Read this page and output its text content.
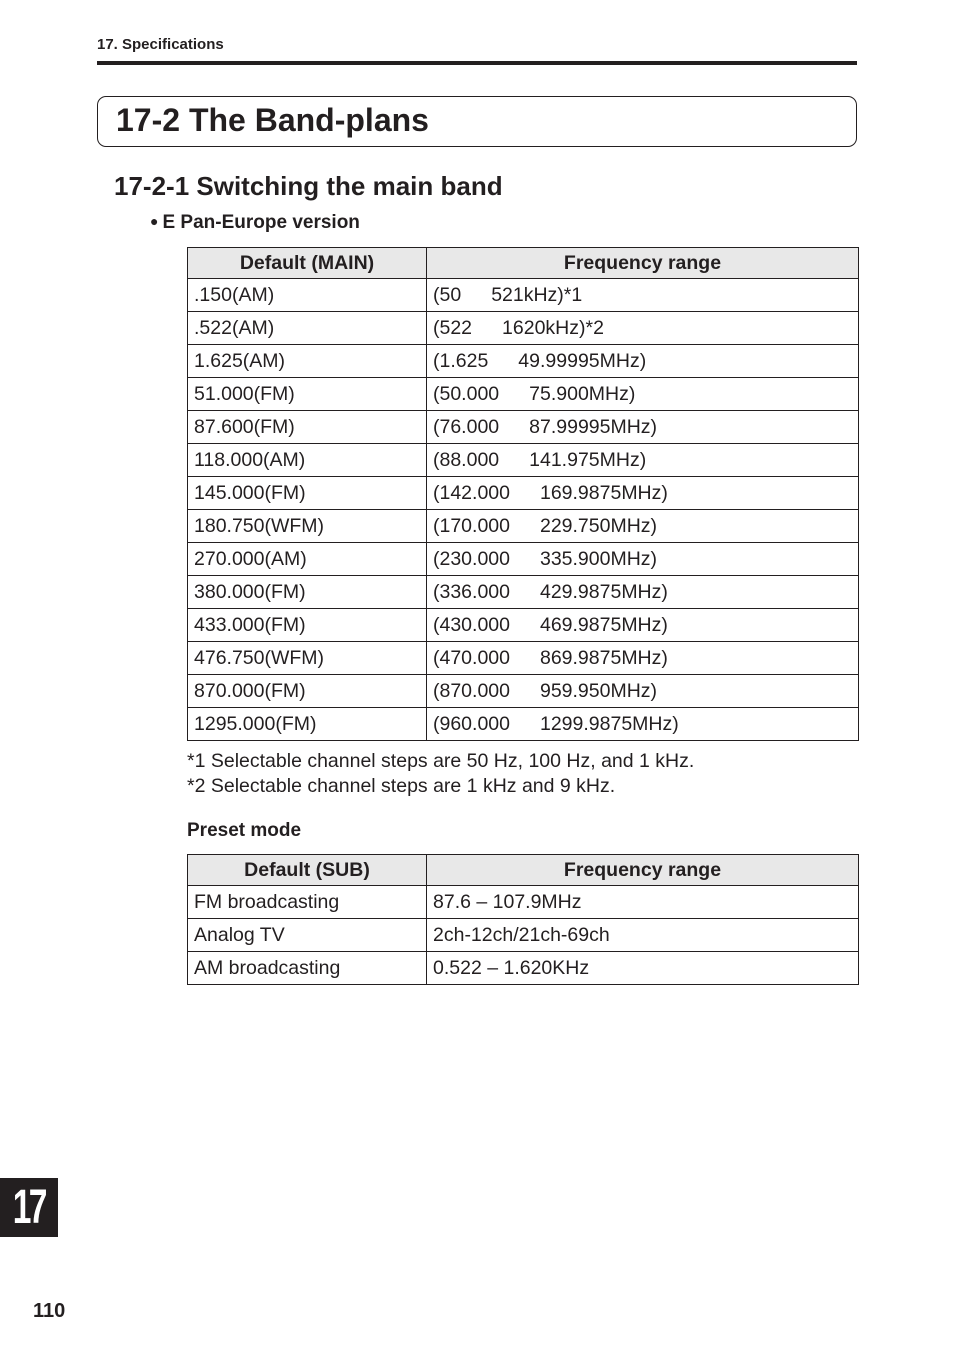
17. Specifications
17-2 The Band-plans
17-2-1 Switching the main band
● E Pan-Europe version
Default (MAIN)	Frequency range
.150(AM)	(50 521kHz)*1
.522(AM)	(522 1620kHz)*2
1.625(AM)	(1.625 49.99995MHz)
51.000(FM)	(50.000 75.900MHz)
87.600(FM)	(76.000 87.99995MHz)
118.000(AM)	(88.000 141.975MHz)
145.000(FM)	(142.000 169.9875MHz)
180.750(WFM)	(170.000 229.750MHz)
270.000(AM)	(230.000 335.900MHz)
380.000(FM)	(336.000 429.9875MHz)
433.000(FM)	(430.000 469.9875MHz)
476.750(WFM)	(470.000 869.9875MHz)
870.000(FM)	(870.000 959.950MHz)
1295.000(FM)	(960.000 1299.9875MHz)
*1 Selectable channel steps are 50 Hz, 100 Hz, and 1 kHz.
*2 Selectable channel steps are 1 kHz and 9 kHz.
Preset mode
Default (SUB)	Frequency range
FM broadcasting	87.6 – 107.9MHz
Analog TV	2ch-12ch/21ch-69ch
AM broadcasting	0.522 – 1.620KHz
17
110
